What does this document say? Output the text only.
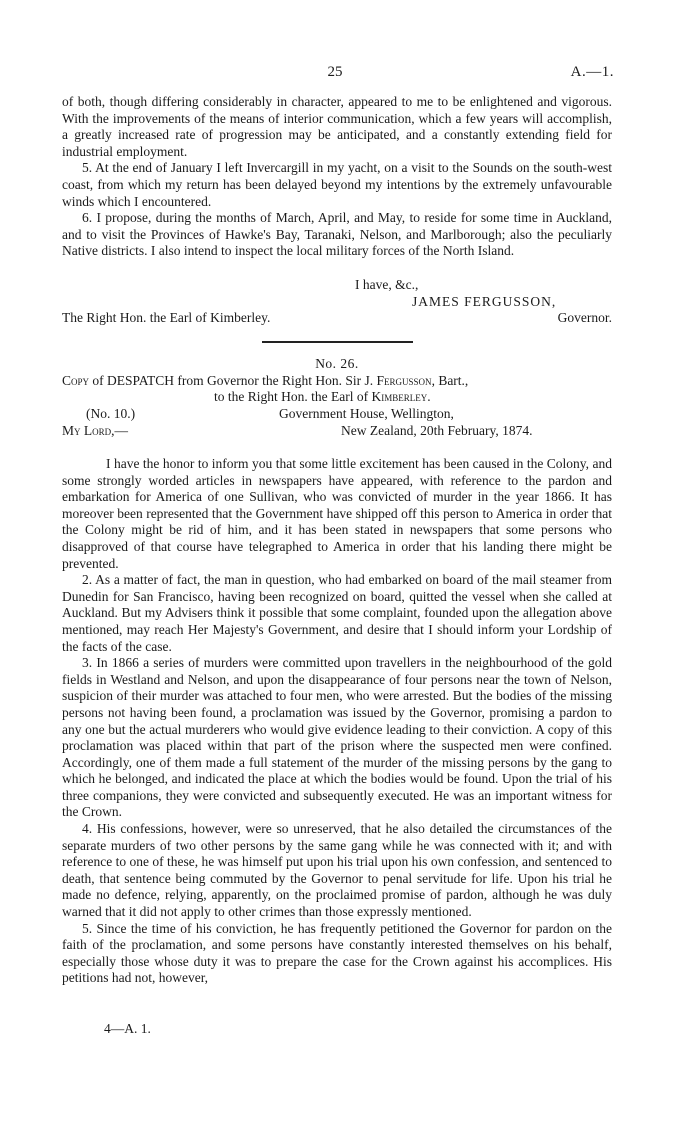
25	A.—1.

of both, though differing considerably in character, appeared to me to be enlightened and vigorous. With the improvements of the means of interior communication, which a few years will accomplish, a greatly increased rate of progression may be anticipated, and a constantly extending field for industrial employment.

5. At the end of January I left Invercargill in my yacht, on a visit to the Sounds on the south-west coast, from which my return has been delayed beyond my intentions by the extremely unfavourable winds which I encountered.

6. I propose, during the months of March, April, and May, to reside for some time in Auckland, and to visit the Provinces of Hawke's Bay, Taranaki, Nelson, and Marlborough; also the peculiarly Native districts. I also intend to inspect the local military forces of the North Island.

I have, &c.,
JAMES FERGUSSON,
The Right Hon. the Earl of Kimberley.	Governor.
No. 26.
Copy of DESPATCH from Governor the Right Hon. Sir J. Fergusson, Bart.,
to the Right Hon. the Earl of Kimberley.
(No. 10.)	Government House, Wellington,
My Lord,—	New Zealand, 20th February, 1874.

I have the honor to inform you that some little excitement has been caused in the Colony, and some strongly worded articles in newspapers have appeared, with reference to the pardon and embarkation for America of one Sullivan, who was convicted of murder in the year 1866. It has moreover been represented that the Government have shipped off this person to America in order that the Colony might be rid of him, and it has been stated in newspapers that some persons who disapproved of that course have telegraphed to America in order that his landing there might be prevented.

2. As a matter of fact, the man in question, who had embarked on board of the mail steamer from Dunedin for San Francisco, having been recognized on board, quitted the vessel when she called at Auckland. But my Advisers think it possible that some complaint, founded upon the allegation above mentioned, may reach Her Majesty's Government, and desire that I should inform your Lordship of the facts of the case.

3. In 1866 a series of murders were committed upon travellers in the neighbourhood of the gold fields in Westland and Nelson, and upon the disappearance of four persons near the town of Nelson, suspicion of their murder was attached to four men, who were arrested. But the bodies of the missing persons not having been found, a proclamation was issued by the Governor, promising a pardon to any one but the actual murderers who would give evidence leading to their conviction. A copy of this proclamation was placed within that part of the prison where the suspected men were confined. Accordingly, one of them made a full statement of the murder of the missing persons by the gang to which he belonged, and indicated the place at which the bodies would be found. Upon the trial of his three companions, they were convicted and subsequently executed. He was an important witness for the Crown.

4. His confessions, however, were so unreserved, that he also detailed the circumstances of the separate murders of two other persons by the same gang while he was connected with it; and with reference to one of these, he was himself put upon his trial upon his own confession, and sentenced to death, that sentence being commuted by the Governor to penal servitude for life. Upon his trial he made no defence, relying, apparently, on the proclaimed promise of pardon, although he was duly warned that it did not apply to other crimes than those expressly mentioned.

5. Since the time of his conviction, he has frequently petitioned the Governor for pardon on the faith of the proclamation, and some persons have constantly interested themselves on his behalf, especially those whose duty it was to prepare the case for the Crown against his accomplices. His petitions had not, however,

4—A. 1.
